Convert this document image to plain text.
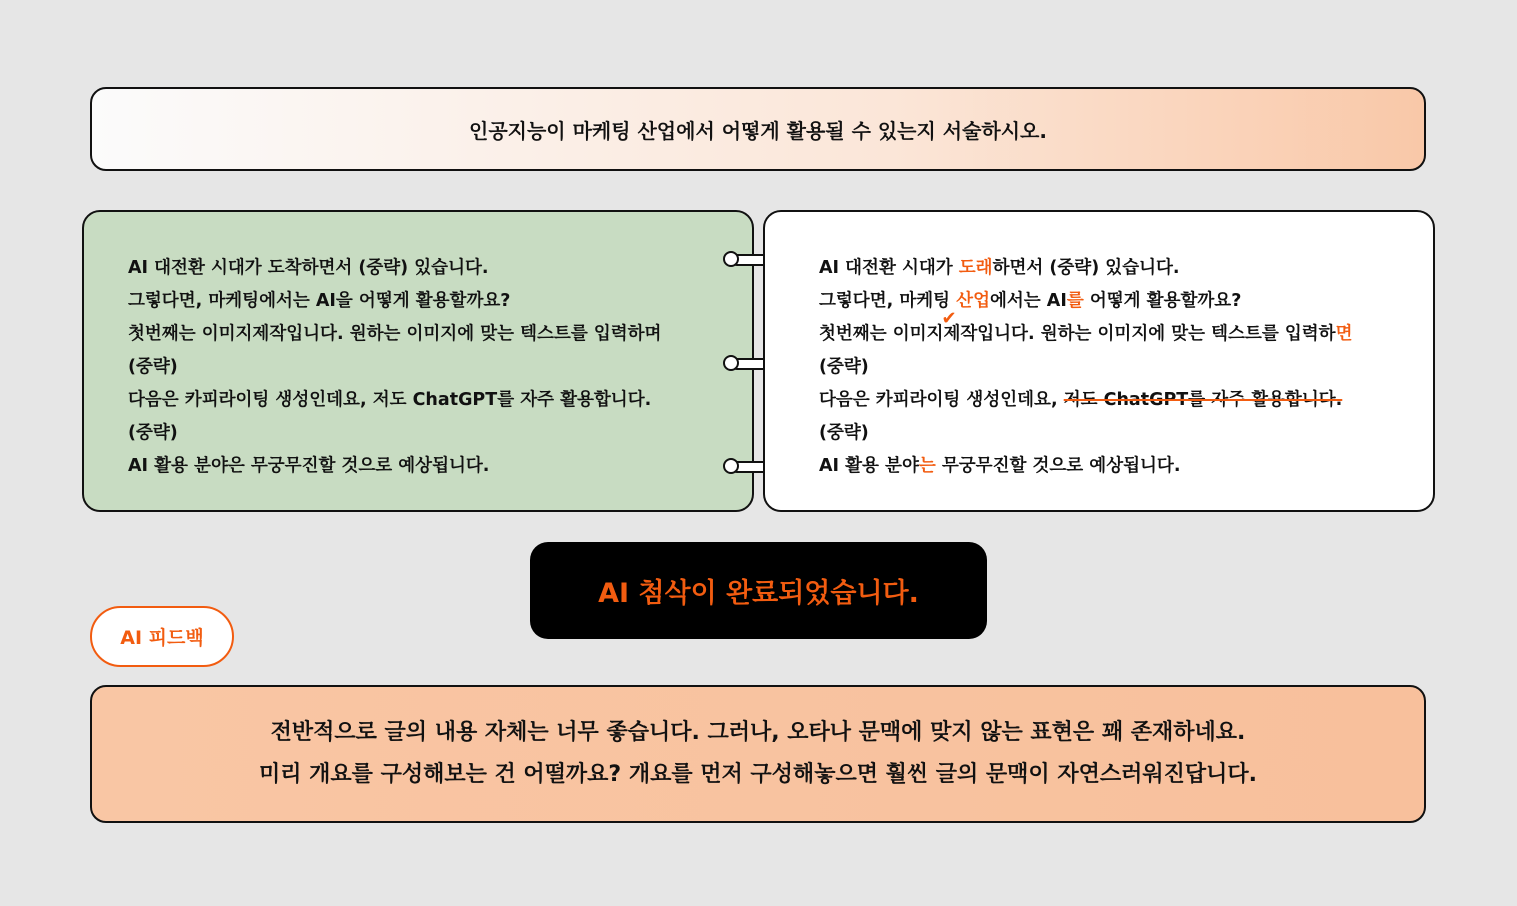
인공지능이 마케팅 산업에서 어떻게 활용될 수 있는지 서술하시오.
AI 대전환 시대가 도착하면서 (중략) 있습니다.
그렇다면, 마케팅에서는 AI을 어떻게 활용할까요?
첫번째는 이미지제작입니다. 원하는 이미지에 맞는 텍스트를 입력하며
(중략)
다음은 카피라이팅 생성인데요, 저도 ChatGPT를 자주 활용합니다.
(중략)
AI 활용 분야은 무궁무진할 것으로 예상됩니다.
AI 대전환 시대가 도래하면서 (중략) 있습니다.
그렇다면, 마케팅 산업에서는 AI를 어떻게 활용할까요?
첫번째는 이미지
✔
제작입니다. 원하는 이미지에 맞는 텍스트를 입력하면
(중략)
다음은 카피라이팅 생성인데요, 저도 ChatGPT를 자주 활용합니다.
(중략)
AI 활용 분야는 무궁무진할 것으로 예상됩니다.
AI 첨삭이 완료되었습니다.
AI 피드백
전반적으로 글의 내용 자체는 너무 좋습니다. 그러나, 오타나 문맥에 맞지 않는 표현은 꽤 존재하네요.
미리 개요를 구성해보는 건 어떨까요? 개요를 먼저 구성해놓으면 훨씬 글의 문맥이 자연스러워진답니다.
